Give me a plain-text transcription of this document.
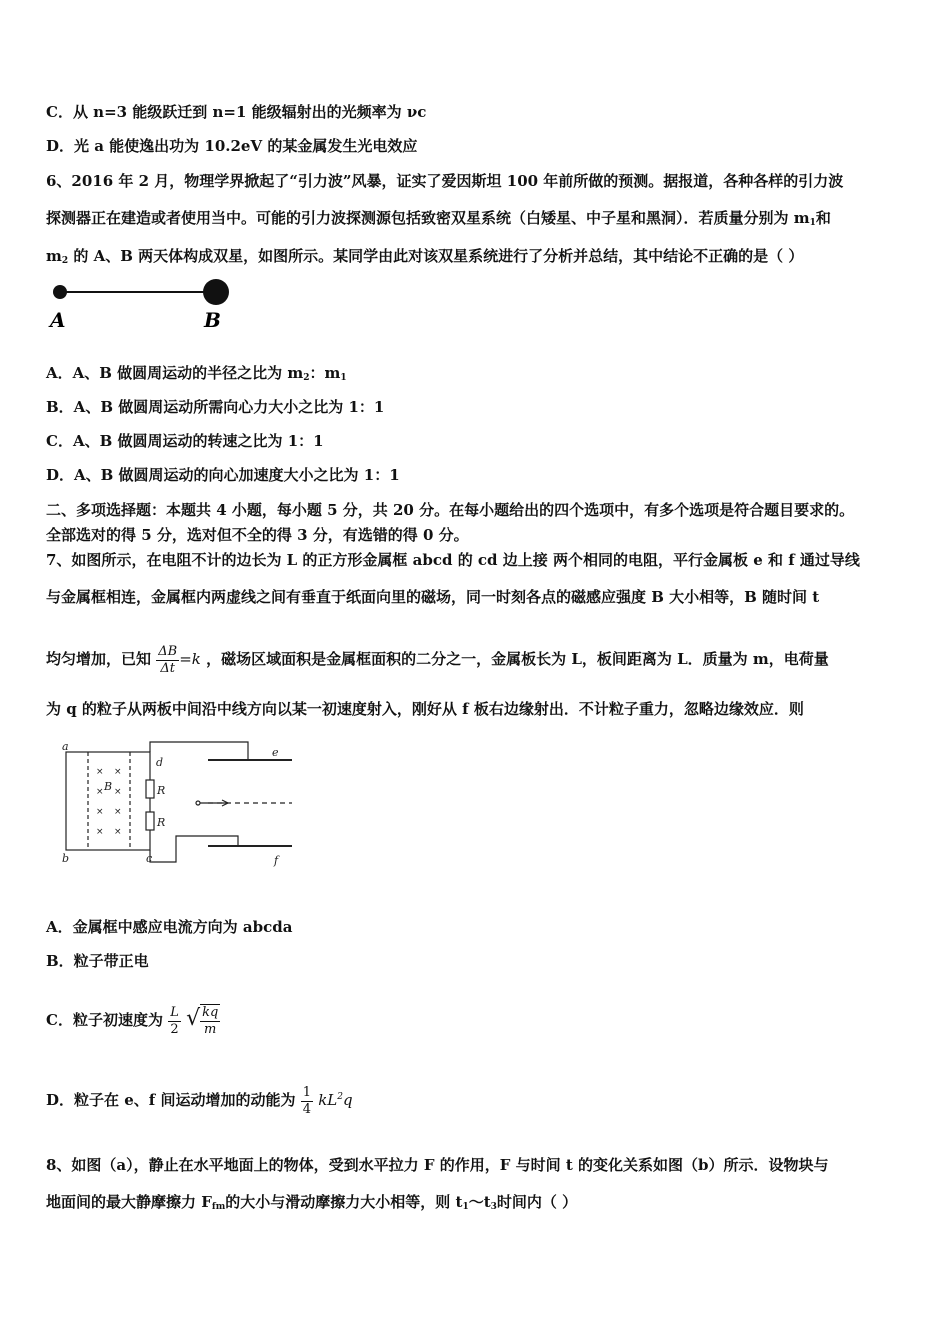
C．从 n=3 能级跃迁到 n=1 能级辐射出的光频率为 νc
D．光 a 能使逸出功为 10.2eV 的某金属发生光电效应
6、2016 年 2 月，物理学界掀起了“引力波”风暴，证实了爱因斯坦 100 年前所做的预测。据报道，各种各样的引力波
探测器正在建造或者使用当中。可能的引力波探测源包括致密双星系统（白矮星、中子星和黑洞）．若质量分别为 $m_1$和
$m_2$ 的 A、B 两天体构成双星，如图所示。某同学由此对该双星系统进行了分析并总结，其中结论不正确的是（ ）
A	B
A．A、B 做圆周运动的半径之比为 $m_2$：$m_1$
B．A、B 做圆周运动所需向心力大小之比为 1：1
C．A、B 做圆周运动的转速之比为 1：1
D．A、B 做圆周运动的向心加速度大小之比为 1：1
二、多项选择题：本题共 4 小题，每小题 5 分，共 20 分。在每小题给出的四个选项中，有多个选项是符合题目要求的。
全部选对的得 5 分，选对但不全的得 3 分，有选错的得 0 分。
7、如图所示，在电阻不计的边长为 L 的正方形金属框 abcd 的 cd 边上接 两个相同的电阻，平行金属板 e 和 f 通过导线
与金属框相连，金属框内两虚线之间有垂直于纸面向里的磁场，同一时刻各点的磁感应强度 B 大小相等，B 随时间 t
均匀增加，已知 $\frac{\Delta B}{\Delta t} =k$ ，磁场区域面积是金属框面积的二分之一，金属板长为 L，板间距离为 L．质量为 m，电荷量
为 q 的粒子从两板中间沿中线方向以某一初速度射入，刚好从 f 板右边缘射出．不计粒子重力，忽略边缘效应．则
a
b	c
d
e
f
B	R
R
× ×
× ×
× ×
× ×
A．金属框中感应电流方向为 abcda
B．粒子带正电
C．粒子初速度为 $\frac{L}{2}$ √ $\frac{kq}{m}$
D．粒子在 e、f 间运动增加的动能为 $\frac{1}{4} kL^2q$
8、如图（a），静止在水平地面上的物体，受到水平拉力 F 的作用，F 与时间 t 的变化关系如图（b）所示．设物块与
地面间的最大静摩擦力 $F_{fm}$的大小与滑动摩擦力大小相等，则 $t_1\sim t_3$时间内（ ）
